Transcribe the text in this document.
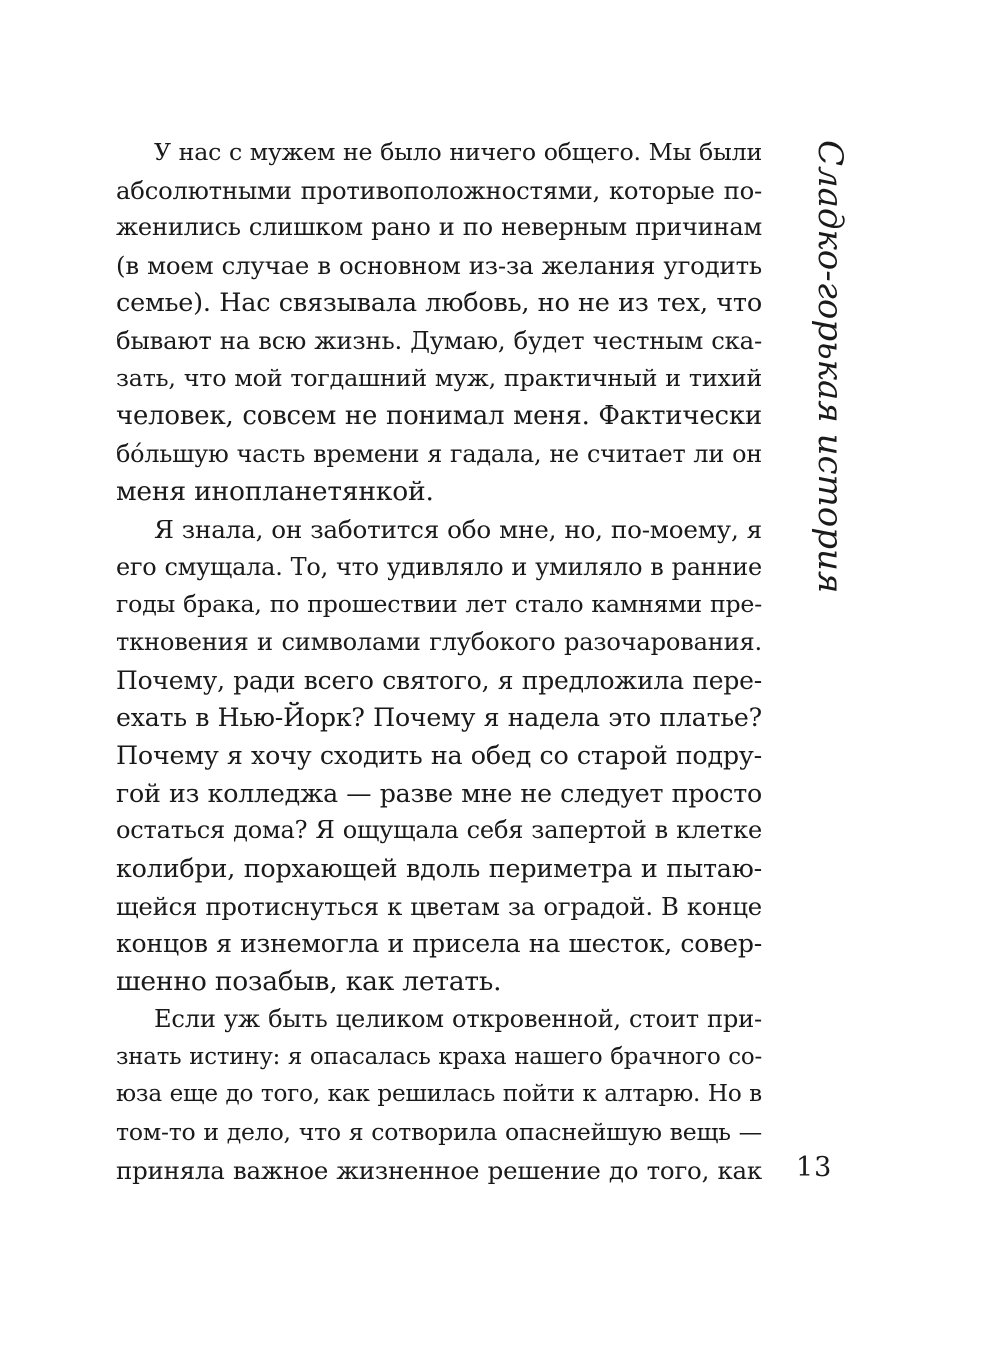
У нас с мужем не было ничего общего. Мы были
абсолютными противоположностями, которые по-
женились слишком рано и по неверным причинам
(в моем случае в основном из-за желания угодить
семье). Нас связывала любовь, но не из тех, что
бывают на всю жизнь. Думаю, будет честным ска-
зать, что мой тогдашний муж, практичный и тихий
человек, совсем не понимал меня. Фактически
бóльшую часть времени я гадала, не считает ли он
меня инопланетянкой.
Я знала, он заботится обо мне, но, по-моему, я
его смущала. То, что удивляло и умиляло в ранние
годы брака, по прошествии лет стало камнями пре-
ткновения и символами глубокого разочарования.
Почему, ради всего святого, я предложила пере-
ехать в Нью-Йорк? Почему я надела это платье?
Почему я хочу сходить на обед со старой подру-
гой из колледжа — разве мне не следует просто
остаться дома? Я ощущала себя запертой в клетке
колибри, порхающей вдоль периметра и пытаю-
щейся протиснуться к цветам за оградой. В конце
концов я изнемогла и присела на шесток, совер-
шенно позабыв, как летать.
Если уж быть целиком откровенной, стоит при-
знать истину: я опасалась краха нашего брачного со-
юза еще до того, как решилась пойти к алтарю. Но в
том-то и дело, что я сотворила опаснейшую вещь —
приняла важное жизненное решение до того, как
Сладко-горькая история
13
